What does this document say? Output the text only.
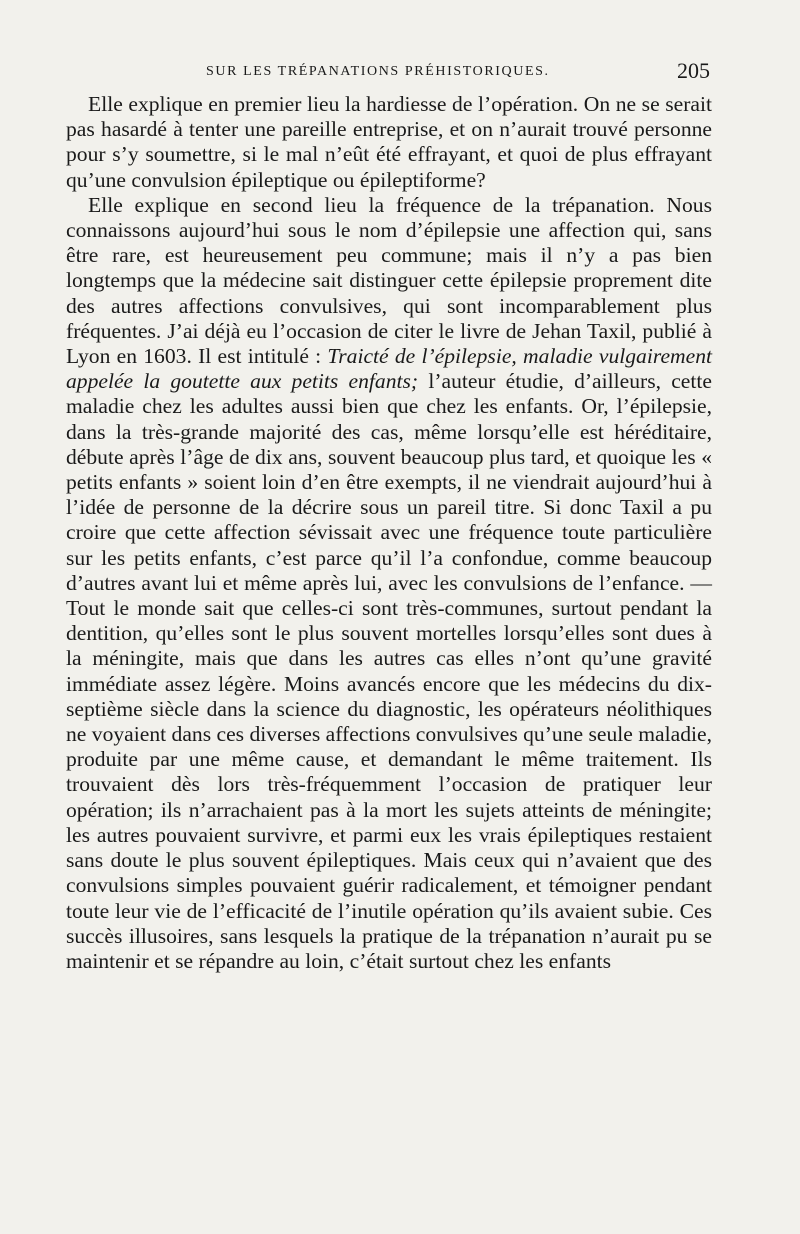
SUR LES TRÉPANATIONS PRÉHISTORIQUES.	205

Elle explique en premier lieu la hardiesse de l’opération. On ne se serait pas hasardé à tenter une pareille entreprise, et on n’aurait trouvé personne pour s’y soumettre, si le mal n’eût été effrayant, et quoi de plus effrayant qu’une convulsion épileptique ou épileptiforme?

Elle explique en second lieu la fréquence de la trépanation. Nous connaissons aujourd’hui sous le nom d’épilepsie une affection qui, sans être rare, est heureusement peu commune; mais il n’y a pas bien longtemps que la médecine sait distinguer cette épilepsie proprement dite des autres affections convulsives, qui sont incomparablement plus fréquentes. J’ai déjà eu l’occasion de citer le livre de Jehan Taxil, publié à Lyon en 1603. Il est intitulé : Traicté de l’épilepsie, maladie vulgairement appelée la goutette aux petits enfants; l’auteur étudie, d’ailleurs, cette maladie chez les adultes aussi bien que chez les enfants. Or, l’épilepsie, dans la très-grande majorité des cas, même lorsqu’elle est héréditaire, débute après l’âge de dix ans, souvent beaucoup plus tard, et quoique les « petits enfants » soient loin d’en être exempts, il ne viendrait aujourd’hui à l’idée de personne de la décrire sous un pareil titre. Si donc Taxil a pu croire que cette affection sévissait avec une fréquence toute particulière sur les petits enfants, c’est parce qu’il l’a confondue, comme beaucoup d’autres avant lui et même après lui, avec les convulsions de l’enfance. — Tout le monde sait que celles-ci sont très-communes, surtout pendant la dentition, qu’elles sont le plus souvent mortelles lorsqu’elles sont dues à la méningite, mais que dans les autres cas elles n’ont qu’une gravité immédiate assez légère. Moins avancés encore que les médecins du dix-septième siècle dans la science du diagnostic, les opérateurs néolithiques ne voyaient dans ces diverses affections convulsives qu’une seule maladie, produite par une même cause, et demandant le même traitement. Ils trouvaient dès lors très-fréquemment l’occasion de pratiquer leur opération; ils n’arrachaient pas à la mort les sujets atteints de méningite; les autres pouvaient survivre, et parmi eux les vrais épileptiques restaient sans doute le plus souvent épileptiques. Mais ceux qui n’avaient que des convulsions simples pouvaient guérir radicalement, et témoigner pendant toute leur vie de l’efficacité de l’inutile opération qu’ils avaient subie. Ces succès illusoires, sans lesquels la pratique de la trépanation n’aurait pu se maintenir et se répandre au loin, c’était surtout chez les enfants
